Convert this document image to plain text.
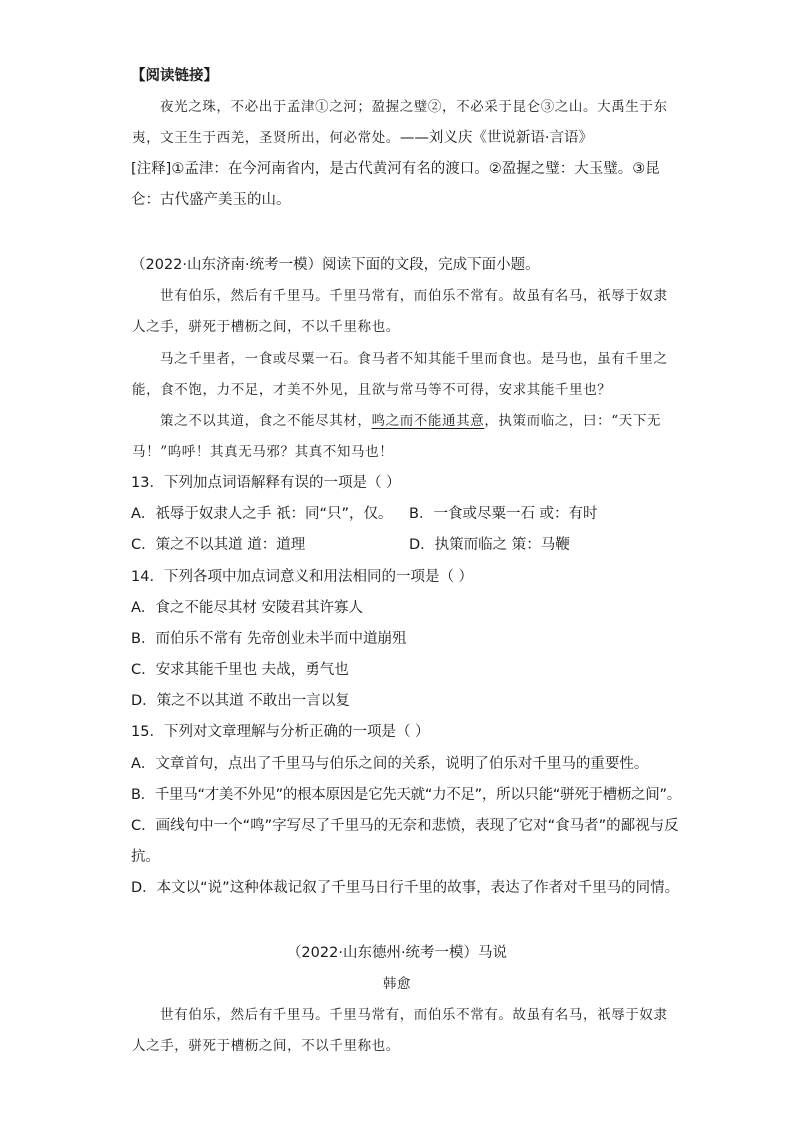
【阅读链接】
夜光之珠，不必出于孟津①之河；盈握之璧②，不必采于昆仑③之山。大禹生于东
夷，文王生于西羌，圣贤所出，何必常处。——刘义庆《世说新语·言语》
[注释]①孟津：在今河南省内，是古代黄河有名的渡口。②盈握之璧：大玉璧。③昆
仑：古代盛产美玉的山。
（2022·山东济南·统考一模）阅读下面的文段，完成下面小题。
世有伯乐，然后有千里马。千里马常有，而伯乐不常有。故虽有名马，祇辱于奴隶
人之手，骈死于槽枥之间，不以千里称也。
马之千里者，一食或尽粟一石。食马者不知其能千里而食也。是马也，虽有千里之
能，食不饱，力不足，才美不外见，且欲与常马等不可得，安求其能千里也？
策之不以其道，食之不能尽其材，鸣之而不能通其意，执策而临之，曰：“天下无
马！”呜呼！其真无马邪？其真不知马也！
13．下列加点词语解释有误的一项是（ ）
A．祇辱于奴隶人之手 祇：同“只”，仅。 B．一食或尽粟一石 或：有时
C．策之不以其道 道：道理	D．执策而临之 策：马鞭
14．下列各项中加点词意义和用法相同的一项是（ ）
A．食之不能尽其材 安陵君其许寡人
B．而伯乐不常有 先帝创业未半而中道崩殂
C．安求其能千里也 夫战，勇气也
D．策之不以其道 不敢出一言以复
15．下列对文章理解与分析正确的一项是（ ）
A．文章首句，点出了千里马与伯乐之间的关系，说明了伯乐对千里马的重要性。
B．千里马“才美不外见”的根本原因是它先天就“力不足”，所以只能“骈死于槽枥之间”。
C．画线句中一个“鸣”字写尽了千里马的无奈和悲愤，表现了它对“食马者”的鄙视与反
抗。
D．本文以“说”这种体裁记叙了千里马日行千里的故事，表达了作者对千里马的同情。
（2022·山东德州·统考一模）马说
韩愈
世有伯乐，然后有千里马。千里马常有，而伯乐不常有。故虽有名马，祇辱于奴隶
人之手，骈死于槽枥之间，不以千里称也。
